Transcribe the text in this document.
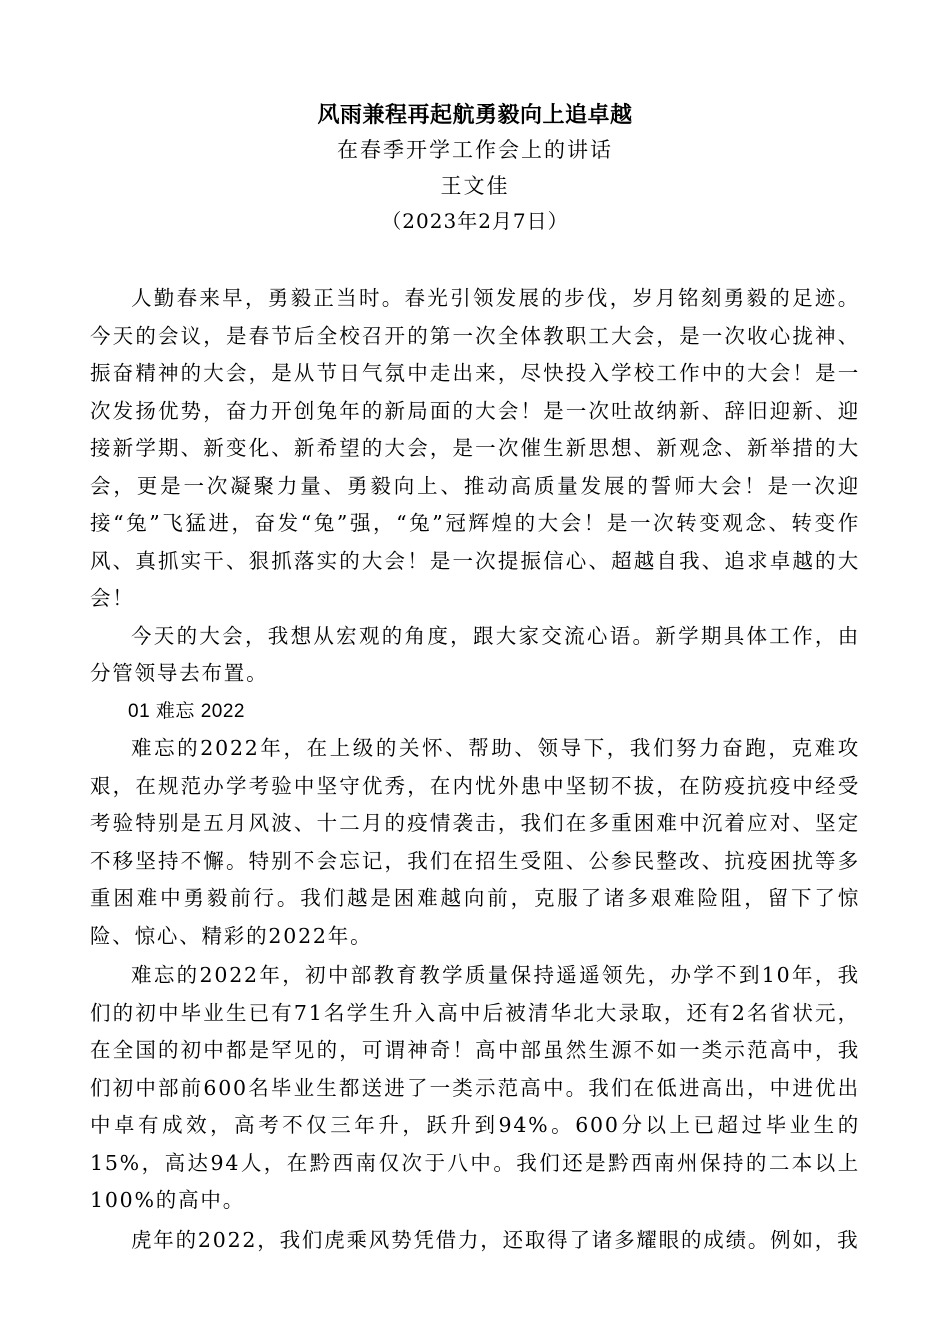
风雨兼程再起航勇毅向上追卓越
在春季开学工作会上的讲话
王文佳
（2023年2月7日）

人勤春来早，勇毅正当时。春光引领发展的步伐，岁月铭刻勇毅的足迹。今天的会议，是春节后全校召开的第一次全体教职工大会，是一次收心拢神、振奋精神的大会，是从节日气氛中走出来，尽快投入学校工作中的大会！是一次发扬优势，奋力开创兔年的新局面的大会！是一次吐故纳新、辞旧迎新、迎接新学期、新变化、新希望的大会，是一次催生新思想、新观念、新举措的大会，更是一次凝聚力量、勇毅向上、推动高质量发展的誓师大会！是一次迎接“兔”飞猛进，奋发“兔”强，“兔”冠辉煌的大会！是一次转变观念、转变作风、真抓实干、狠抓落实的大会！是一次提振信心、超越自我、追求卓越的大会！

今天的大会，我想从宏观的角度，跟大家交流心语。新学期具体工作，由分管领导去布置。

01 难忘 2022

难忘的2022年，在上级的关怀、帮助、领导下，我们努力奋跑，克难攻艰，在规范办学考验中坚守优秀，在内忧外患中坚韧不拔，在防疫抗疫中经受考验特别是五月风波、十二月的疫情袭击，我们在多重困难中沉着应对、坚定不移坚持不懈。特别不会忘记，我们在招生受阻、公参民整改、抗疫困扰等多重困难中勇毅前行。我们越是困难越向前，克服了诸多艰难险阻，留下了惊险、惊心、精彩的2022年。

难忘的2022年，初中部教育教学质量保持遥遥领先，办学不到10年，我们的初中毕业生已有71名学生升入高中后被清华北大录取，还有2名省状元，在全国的初中都是罕见的，可谓神奇！高中部虽然生源不如一类示范高中，我们初中部前600名毕业生都送进了一类示范高中。我们在低进高出，中进优出中卓有成效，高考不仅三年升，跃升到94%。600分以上已超过毕业生的15%，高达94人，在黔西南仅次于八中。我们还是黔西南州保持的二本以上100%的高中。

虎年的2022，我们虎乘风势凭借力，还取得了诸多耀眼的成绩。例如，我
